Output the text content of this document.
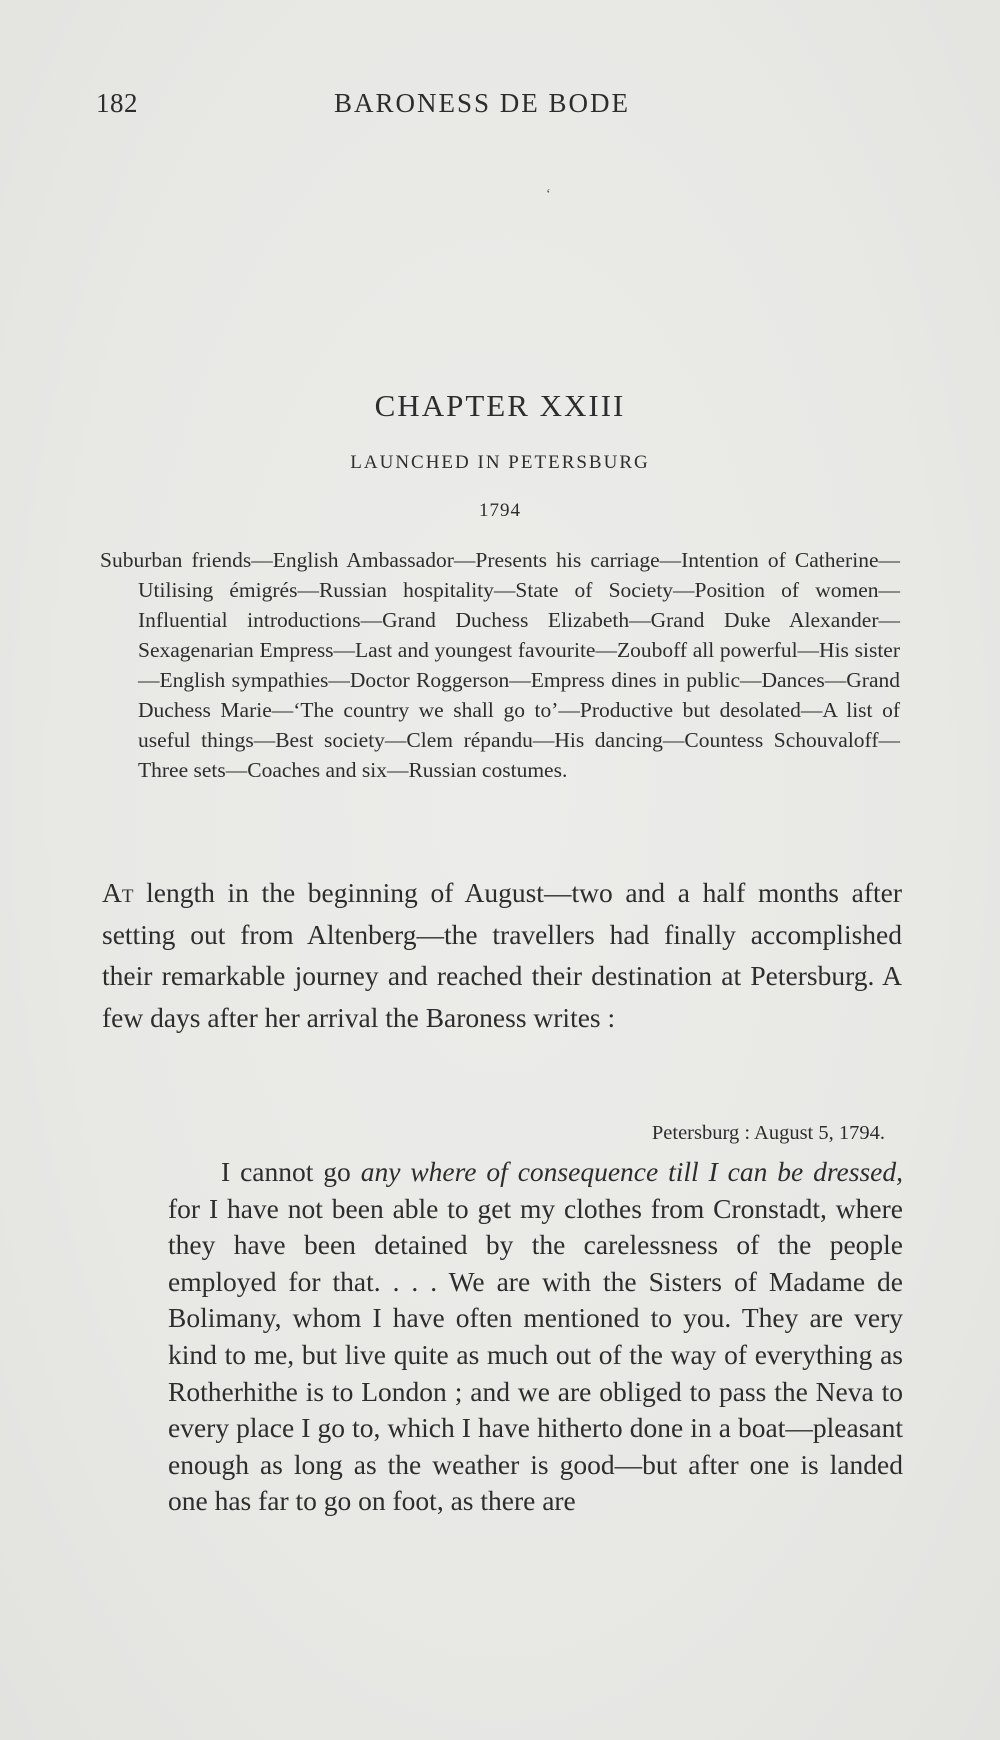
182	BARONESS DE BODE
‘
CHAPTER XXIII
LAUNCHED IN PETERSBURG
1794
Suburban friends—English Ambassador—Presents his carriage—Intention of Catherine—Utilising émigrés—Russian hospitality—State of Society—Position of women—Influential introductions—Grand Duchess Elizabeth—Grand Duke Alexander—Sexagenarian Empress—Last and youngest favourite—Zouboff all powerful—His sister—English sympathies—Doctor Roggerson—Empress dines in public—Dances—Grand Duchess Marie—‘The country we shall go to’—Productive but desolated—A list of useful things—Best society—Clem répandu—His dancing—Countess Schouvaloff—Three sets—Coaches and six—Russian costumes.
At length in the beginning of August—two and a half months after setting out from Altenberg—the travellers had finally accomplished their remarkable journey and reached their destination at Petersburg. A few days after her arrival the Baroness writes :
Petersburg : August 5, 1794.
I cannot go any where of consequence till I can be dressed, for I have not been able to get my clothes from Cronstadt, where they have been detained by the carelessness of the people employed for that. . . . We are with the Sisters of Madame de Bolimany, whom I have often mentioned to you. They are very kind to me, but live quite as much out of the way of everything as Rotherhithe is to London ; and we are obliged to pass the Neva to every place I go to, which I have hitherto done in a boat—pleasant enough as long as the weather is good—but after one is landed one has far to go on foot, as there are
